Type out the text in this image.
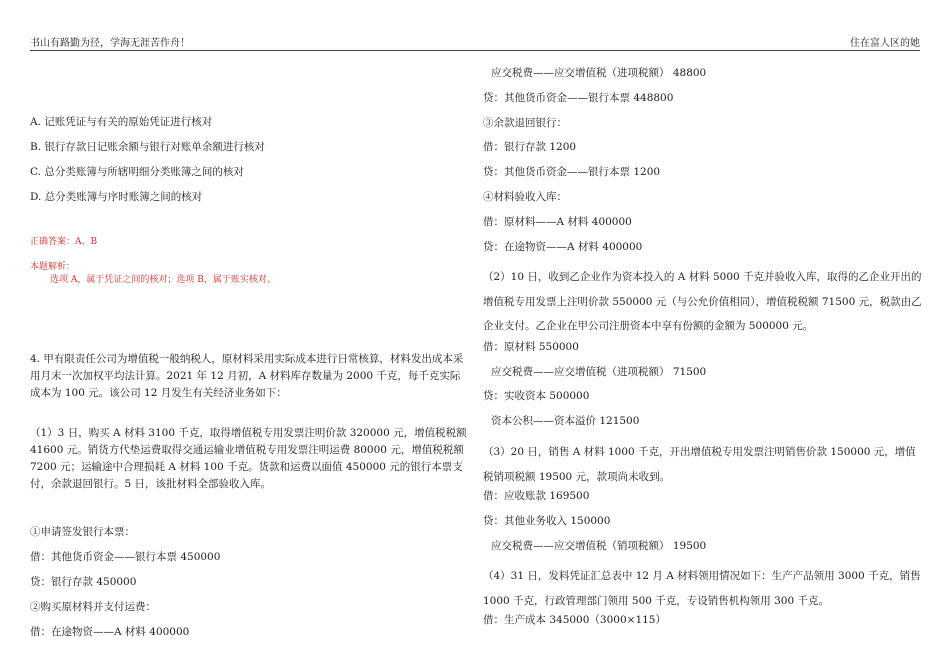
书山有路勤为径，学海无涯苦作舟！	住在富人区的她
A. 记账凭证与有关的原始凭证进行核对
B. 银行存款日记账余额与银行对账单余额进行核对
C. 总分类账簿与所辖明细分类账簿之间的核对
D. 总分类账簿与序时账簿之间的核对
正确答案：A、B
本题解析：
选项 A，属于凭证之间的核对；选项 B，属于账实核对。
4. 甲有限责任公司为增值税一般纳税人，原材料采用实际成本进行日常核算，材料发出成本采用月末一次加权平均法计算。2021 年 12 月初，A 材料库存数量为 2000 千克，每千克实际成本为 100 元。该公司 12 月发生有关经济业务如下：
（1）3 日，购买 A 材料 3100 千克，取得增值税专用发票注明价款 320000 元，增值税税额 41600 元。销货方代垫运费取得交通运输业增值税专用发票注明运费 80000 元，增值税税额 7200 元；运输途中合理损耗 A 材料 100 千克。货款和运费以面值 450000 元的银行本票支付，余款退回银行。5 日，该批材料全部验收入库。
①申请签发银行本票：
借：其他货币资金——银行本票 450000
贷：银行存款 450000
②购买原材料并支付运费：
借：在途物资——A 材料 400000
应交税费——应交增值税（进项税额） 48800
贷：其他货币资金——银行本票 448800
③余款退回银行：
借：银行存款 1200
贷：其他货币资金——银行本票 1200
④材料验收入库：
借：原材料——A 材料 400000
贷：在途物资——A 材料 400000
（2）10 日，收到乙企业作为资本投入的 A 材料 5000 千克并验收入库，取得的乙企业开出的增值税专用发票上注明价款 550000 元（与公允价值相同），增值税税额 71500 元，税款由乙企业支付。乙企业在甲公司注册资本中享有份额的金额为 500000 元。
借：原材料 550000
应交税费——应交增值税（进项税额） 71500
贷：实收资本 500000
资本公积——资本溢价 121500
（3）20 日，销售 A 材料 1000 千克，开出增值税专用发票注明销售价款 150000 元，增值税销项税额 19500 元，款项尚未收到。
借：应收账款 169500
贷：其他业务收入 150000
应交税费——应交增值税（销项税额） 19500
（4）31 日，发料凭证汇总表中 12 月 A 材料领用情况如下：生产产品领用 3000 千克，销售 1000 千克，行政管理部门领用 500 千克，专设销售机构领用 300 千克。
借：生产成本 345000（3000×115）
